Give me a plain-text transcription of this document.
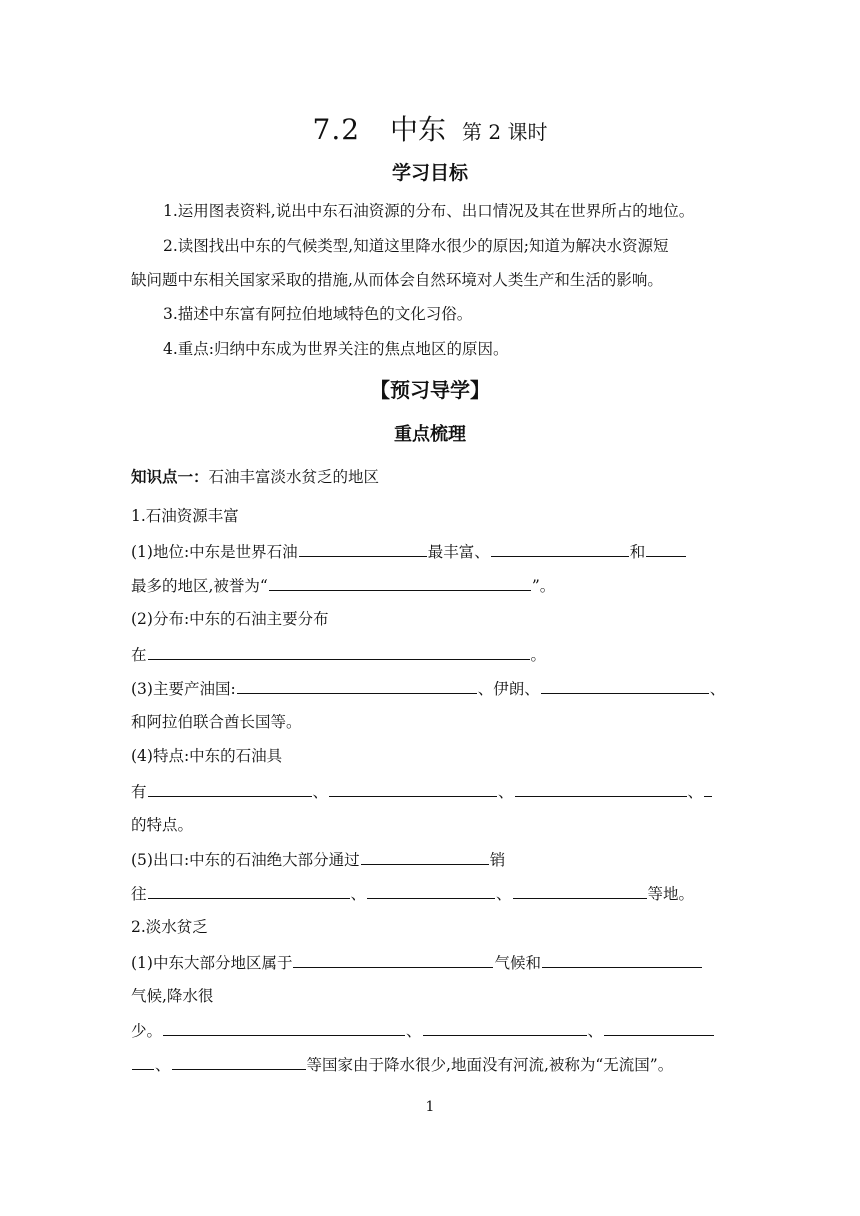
7.2 中东 第 2 课时
学习目标
1.运用图表资料,说出中东石油资源的分布、出口情况及其在世界所占的地位。
2.读图找出中东的气候类型,知道这里降水很少的原因;知道为解决水资源短
缺问题中东相关国家采取的措施,从而体会自然环境对人类生产和生活的影响。
3.描述中东富有阿拉伯地域特色的文化习俗。
4.重点:归纳中东成为世界关注的焦点地区的原因。
【预习导学】
重点梳理
知识点一：石油丰富淡水贫乏的地区
1.石油资源丰富
(1)地位:中东是世界石油	最丰富、	和
最多的地区,被誉为“	”。
(2)分布:中东的石油主要分布
在	。
(3)主要产油国:	、伊朗、	、
和阿拉伯联合酋长国等。
(4)特点:中东的石油具
有	、	、	、
的特点。
(5)出口:中东的石油绝大部分通过	销
往	、	、	等地。
2.淡水贫乏
(1)中东大部分地区属于	气候和
气候,降水很
少。	、	、
、	等国家由于降水很少,地面没有河流,被称为“无流国”。
1
